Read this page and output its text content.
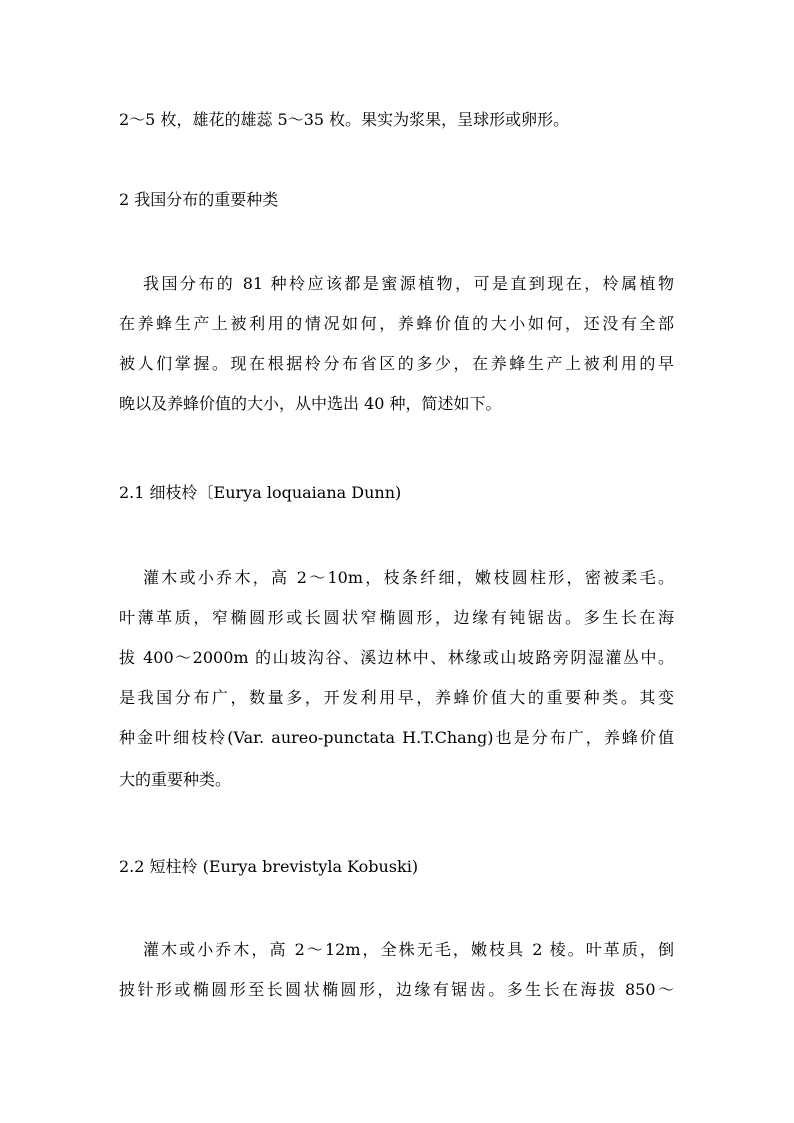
2～5 枚，雄花的雄蕊 5～35 枚。果实为浆果，呈球形或卵形。
2 我国分布的重要种类
我国分布的 81 种柃应该都是蜜源植物，可是直到现在，柃属植物
在养蜂生产上被利用的情况如何，养蜂价值的大小如何，还没有全部
被人们掌握。现在根据柃分布省区的多少，在养蜂生产上被利用的早
晚以及养蜂价值的大小，从中选出 40 种，简述如下。
2.1 细枝柃〔Eurya loquaiana Dunn)
灌木或小乔木，高 2～10m，枝条纤细，嫩枝圆柱形，密被柔毛。
叶薄革质，窄椭圆形或长圆状窄椭圆形，边缘有钝锯齿。多生长在海
拔 400～2000m 的山坡沟谷、溪边林中、林缘或山坡路旁阴湿灌丛中。
是我国分布广，数量多，开发利用早，养蜂价值大的重要种类。其变
种金叶细枝柃(Var. aureo-punctata H.T.Chang)也是分布广，养蜂价值
大的重要种类。
2.2 短柱柃 (Eurya brevistyla Kobuski)
灌木或小乔木，高 2～12m，全株无毛，嫩枝具 2 棱。叶革质，倒
披针形或椭圆形至长圆状椭圆形，边缘有锯齿。多生长在海拔 850～
